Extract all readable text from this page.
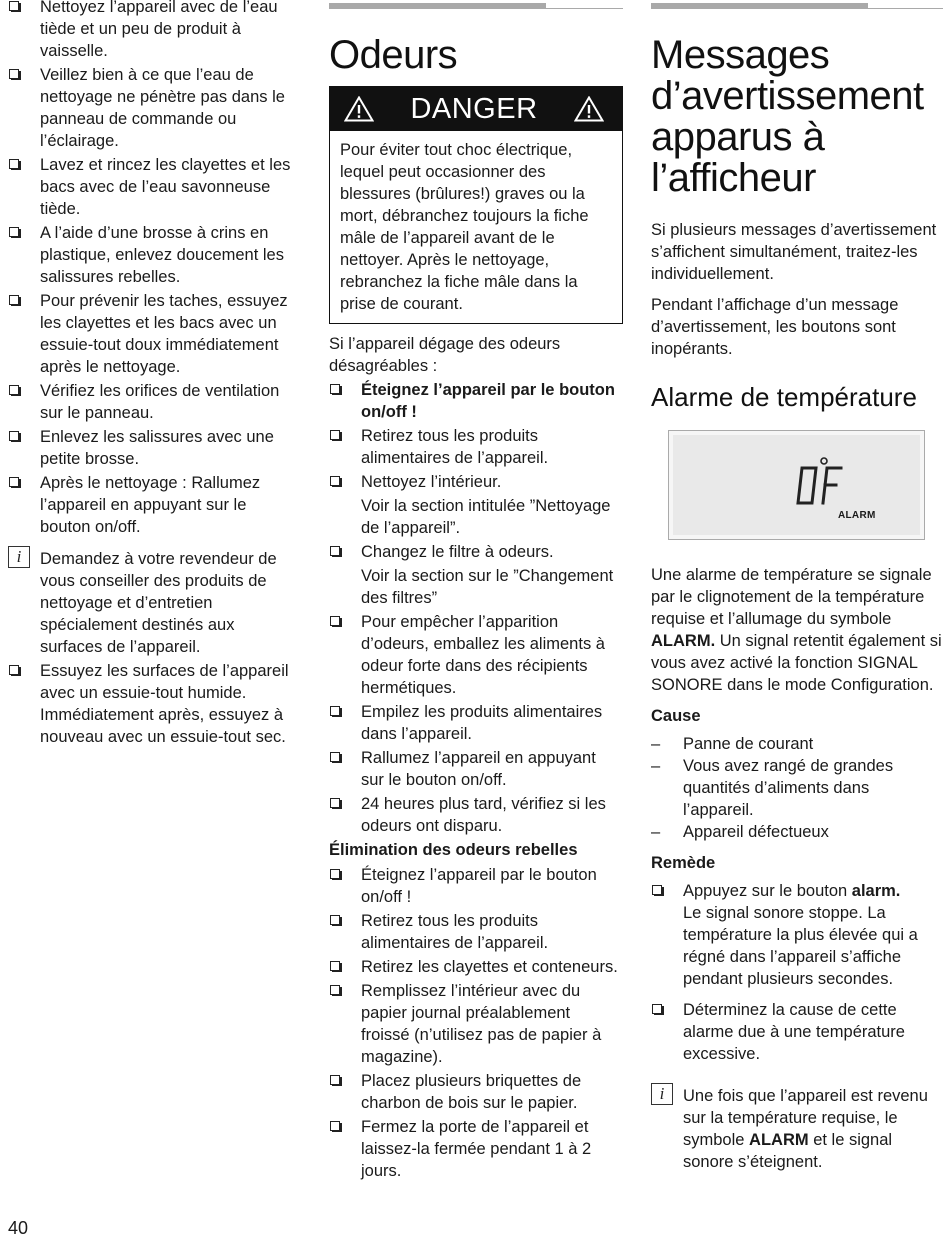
Nettoyez l’appareil avec de l’eau tiède et un peu de produit à vaisselle.
Veillez bien à ce que l’eau de nettoyage ne pénètre pas dans le panneau de commande ou l’éclairage.
Lavez et rincez les clayettes et les bacs avec de l’eau savonneuse tiède.
A l’aide d’une brosse à crins en plastique, enlevez doucement les salissures rebelles.
Pour prévenir les taches, essuyez les clayettes et les bacs avec un essuie-tout doux immédiatement après le nettoyage.
Vérifiez les orifices de ventilation sur le panneau.
Enlevez les salissures avec une petite brosse.
Après le nettoyage : Rallumez l’appareil en appuyant sur le bouton on/off.
i	Demandez à votre revendeur de vous conseiller des produits de nettoyage et d’entretien spécialement destinés aux surfaces de l’appareil.
Essuyez les surfaces de l’appareil avec un essuie-tout humide. Immédiatement après, essuyez à nouveau avec un essuie-tout sec.
Odeurs
DANGER
Pour éviter tout choc électrique, lequel peut occasionner des blessures (brûlures!) graves ou la mort, débranchez toujours la fiche mâle de l’appareil avant de le nettoyer. Après le nettoyage, rebranchez la fiche mâle dans la prise de courant.

Si l’appareil dégage des odeurs désagréables :

Éteignez l’appareil par le bouton on/off !
Retirez tous les produits alimentaires de l’appareil.
Nettoyez l’intérieur.
Voir la section intitulée ”Nettoyage de l’appareil”.
Changez le filtre à odeurs.
Voir la section sur le ”Changement des filtres”
Pour empêcher l’apparition d’odeurs, emballez les aliments à odeur forte dans des récipients hermétiques.
Empilez les produits alimentaires dans l’appareil.
Rallumez l’appareil en appuyant sur le bouton on/off.
24 heures plus tard, vérifiez si les odeurs ont disparu.

Élimination des odeurs rebelles

Éteignez l’appareil par le bouton on/off !
Retirez tous les produits alimentaires de l’appareil.
Retirez les clayettes et conteneurs.
Remplissez l’intérieur avec du papier journal préalablement froissé (n’utilisez pas de papier à magazine).
Placez plusieurs briquettes de charbon de bois sur le papier.
Fermez la porte de l’appareil et laissez-la fermée pendant 1 à 2 jours.
Messages d’avertissement apparus à l’afficheur

Si plusieurs messages d’avertissement s’affichent simultanément, traitez-les individuellement.

Pendant l’affichage d’un message d’avertissement, les boutons sont inopérants.

Alarme de température
ALARM

Une alarme de température se signale par le clignotement de la température requise et l’allumage du symbole ALARM. Un signal retentit également si vous avez activé la fonction SIGNAL SONORE dans le mode Configuration.

Cause

– Panne de courant
– Vous avez rangé de grandes quantités d’aliments dans l’appareil.
– Appareil défectueux

Remède

Appuyez sur le bouton alarm.
Le signal sonore stoppe. La température la plus élevée qui a régné dans l’appareil s’affiche pendant plusieurs secondes.
Déterminez la cause de cette alarme due à une température excessive.
i	Une fois que l’appareil est revenu sur la température requise, le symbole ALARM et le signal sonore s’éteignent.
40
